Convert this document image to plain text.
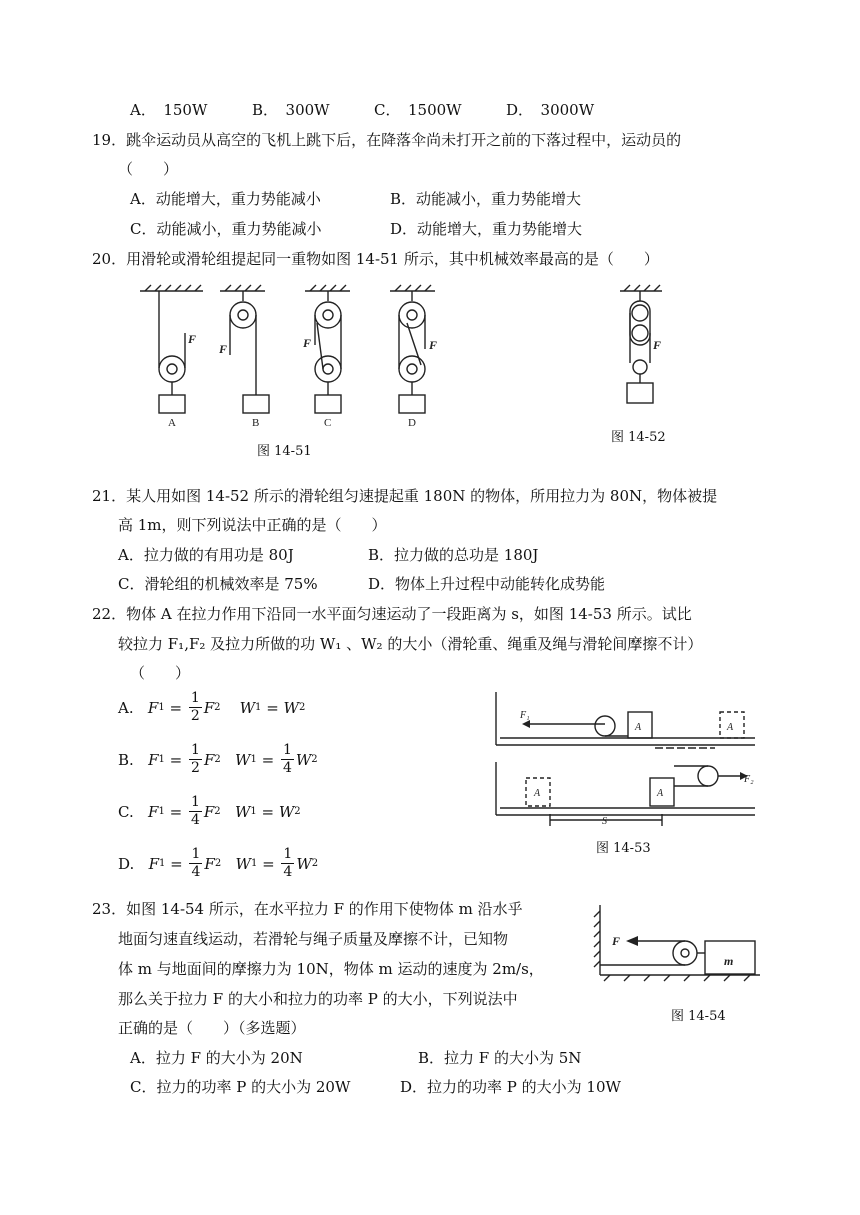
A．　150W	B．　300W	C．　1500W	D．　3000W
19．跳伞运动员从高空的飞机上跳下后，在降落伞尚未打开之前的下落过程中，运动员的
（　　）
A．动能增大，重力势能减小	B．动能减小，重力势能增大
C．动能减小，重力势能减小	D．动能增大，重力势能增大
20．用滑轮或滑轮组提起同一重物如图 14-51 所示，其中机械效率最高的是（　　）
F
F	F	F
A	B	C	D
图 14-51
F
图 14-52
21．某人用如图 14-52 所示的滑轮组匀速提起重 180N 的物体，所用拉力为 80N，物体被提
高 1m，则下列说法中正确的是（　　）
A．拉力做的有用功是 80J	B．拉力做的总功是 180J
C．滑轮组的机械效率是 75%	D．物体上升过程中动能转化成势能
22．物体 A 在拉力作用下沿同一水平面匀速运动了一段距离为 s，如图 14-53 所示。试比
较拉力 F₁,F₂ 及拉力所做的功 W₁ 、W₂ 的大小（滑轮重、绳重及绳与滑轮间摩擦不计）
（　　）
A.
F $1 = \frac{1}{2}$ F 2
W 1 = W 2
B.
F $1 = \frac{1}{2}$ F 2
W $1 = \frac{1}{4}$ W 2
C.
F $1 = \frac{1}{4}$ F 2
W 1 = W 2
D.
F $1 = \frac{1}{4}$ F 2
W $1 = \frac{1}{4}$ W 2
F₁
A	A
A	A
F₂
S
图 14-53
23．如图 14-54 所示，在水平拉力 F 的作用下使物体 m 沿水乎
地面匀速直线运动，若滑轮与绳子质量及摩擦不计，已知物
体 m 与地面间的摩擦力为 10N，物体 m 运动的速度为 2m/s，
那么关于拉力 F 的大小和拉力的功率 P 的大小，下列说法中
正确的是（　　）（多选题）
A．拉力 F 的大小为 20N	B．拉力 F 的大小为 5N
C．拉力的功率 P 的大小为 20W	D．拉力的功率 P 的大小为 10W
F
m
图 14-54
